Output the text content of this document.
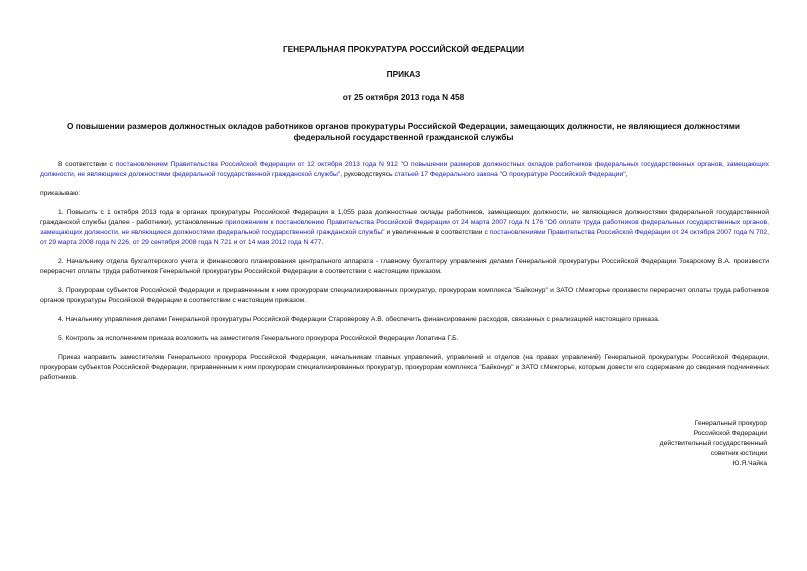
ГЕНЕРАЛЬНАЯ ПРОКУРАТУРА РОССИЙСКОЙ ФЕДЕРАЦИИ
ПРИКАЗ
от 25 октября 2013 года N 458
О повышении размеров должностных окладов работников органов прокуратуры Российской Федерации, замещающих должности, не являющиеся должностями федеральной государственной гражданской службы

В соответствии с постановлением Правительства Российской Федерации от 12 октября 2013 года N 912 "О повышении размеров должностных окладов работников федеральных государственных органов, замещающих должности, не являющиеся должностями федеральной государственной гражданской службы", руководствуясь статьей 17 Федерального закона "О прокуратуре Российской Федерации",

приказываю:

1. Повысить с 1 октября 2013 года в органах прокуратуры Российской Федерации в 1,055 раза должностные оклады работников, замещающих должности, не являющиеся должностями федеральной государственной гражданской службы (далее - работники), установленные приложением к постановлению Правительства Российской Федерации от 24 марта 2007 года N 176 "Об оплате труда работников федеральных государственных органов, замещающих должности, не являющиеся должностями федеральной государственной гражданской службы" и увеличенные в соответствии с постановлениями Правительства Российской Федерации от 24 октября 2007 года N 702, от 29 марта 2008 года N 226, от 29 сентября 2008 года N 721 и от 14 мая 2012 года N 477.

2. Начальнику отдела бухгалтерского учета и финансового планирования центрального аппарата - главному бухгалтеру управления делами Генеральной прокуратуры Российской Федерации Токарскому В.А. произвести перерасчет оплаты труда работников Генеральной прокуратуры Российской Федерации в соответствии с настоящим приказом.

3. Прокурорам субъектов Российской Федерации и приравненным к ним прокурорам специализированных прокуратур, прокурорам комплекса "Байконур" и ЗАТО г.Межгорье произвести перерасчет оплаты труда работников органов прокуратуры Российской Федерации в соответствии с настоящим приказом.

4. Начальнику управления делами Генеральной прокуратуры Российской Федерации Староверову А.В. обеспечить финансирование расходов, связанных с реализацией настоящего приказа.

5. Контроль за исполнением приказа возложить на заместителя Генерального прокурора Российской Федерации Лопатина Г.Б.

Приказ направить заместителям Генерального прокурора Российской Федерации, начальникам главных управлений, управлений и отделов (на правах управлений) Генеральной прокуратуры Российской Федерации, прокурорам субъектов Российской Федерации, приравненным к ним прокурорам специализированных прокуратур, прокурорам комплекса "Байконур" и ЗАТО г.Межгорье, которым довести его содержание до сведения подчиненных работников.

Генеральный прокурор
Российской Федерации
действительный государственный
советник юстиции
Ю.Я.Чайка
